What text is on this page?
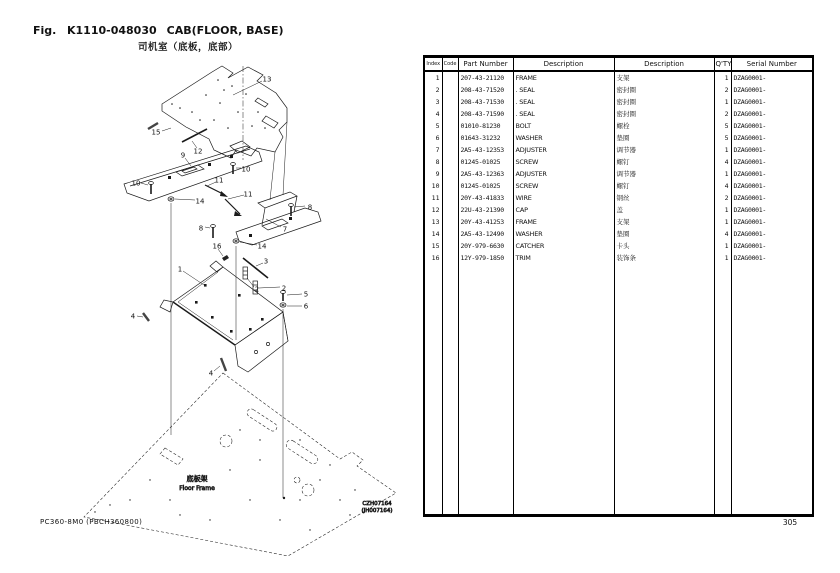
Fig. K1110-048030 CAB(FLOOR, BASE)
司机室（底板，底部）
底板架
Floor Frame
CZH07164
(JH007164)
13
15
12
9
10
10	11
11
14
8
8	7
16	14
1
3
2	2
5
6
4
4
Index	Code	Part Number	Description	Description	Q'TY	Serial Number
1		207-43-21120	FRAME	支架	1	DZAG0001-
2		208-43-71520	. SEAL	密封圈	2	DZAG0001-
3		208-43-71530	. SEAL	密封圈	1	DZAG0001-
4		208-43-71590	. SEAL	密封圈	2	DZAG0001-
5		01010-81230	BOLT	螺栓	5	DZAG0001-
6		01643-31232	WASHER	垫圈	5	DZAG0001-
7		2A5-43-12353	ADJUSTER	调节器	1	DZAG0001-
8		01245-01025	SCREW	螺钉	4	DZAG0001-
9		2A5-43-12363	ADJUSTER	调节器	1	DZAG0001-
10		01245-01025	SCREW	螺钉	4	DZAG0001-
11		20Y-43-41833	WIRE	钢丝	2	DZAG0001-
12		22U-43-21390	CAP	盖	1	DZAG0001-
13		20Y-43-41253	FRAME	支架	1	DZAG0001-
14		2A5-43-12490	WASHER	垫圈	4	DZAG0001-
15		20Y-979-6630	CATCHER	卡头	1	DZAG0001-
16		12Y-979-1850	TRIM	装饰条	1	DZAG0001-

PC360-8M0 (PBCH360800)	305
